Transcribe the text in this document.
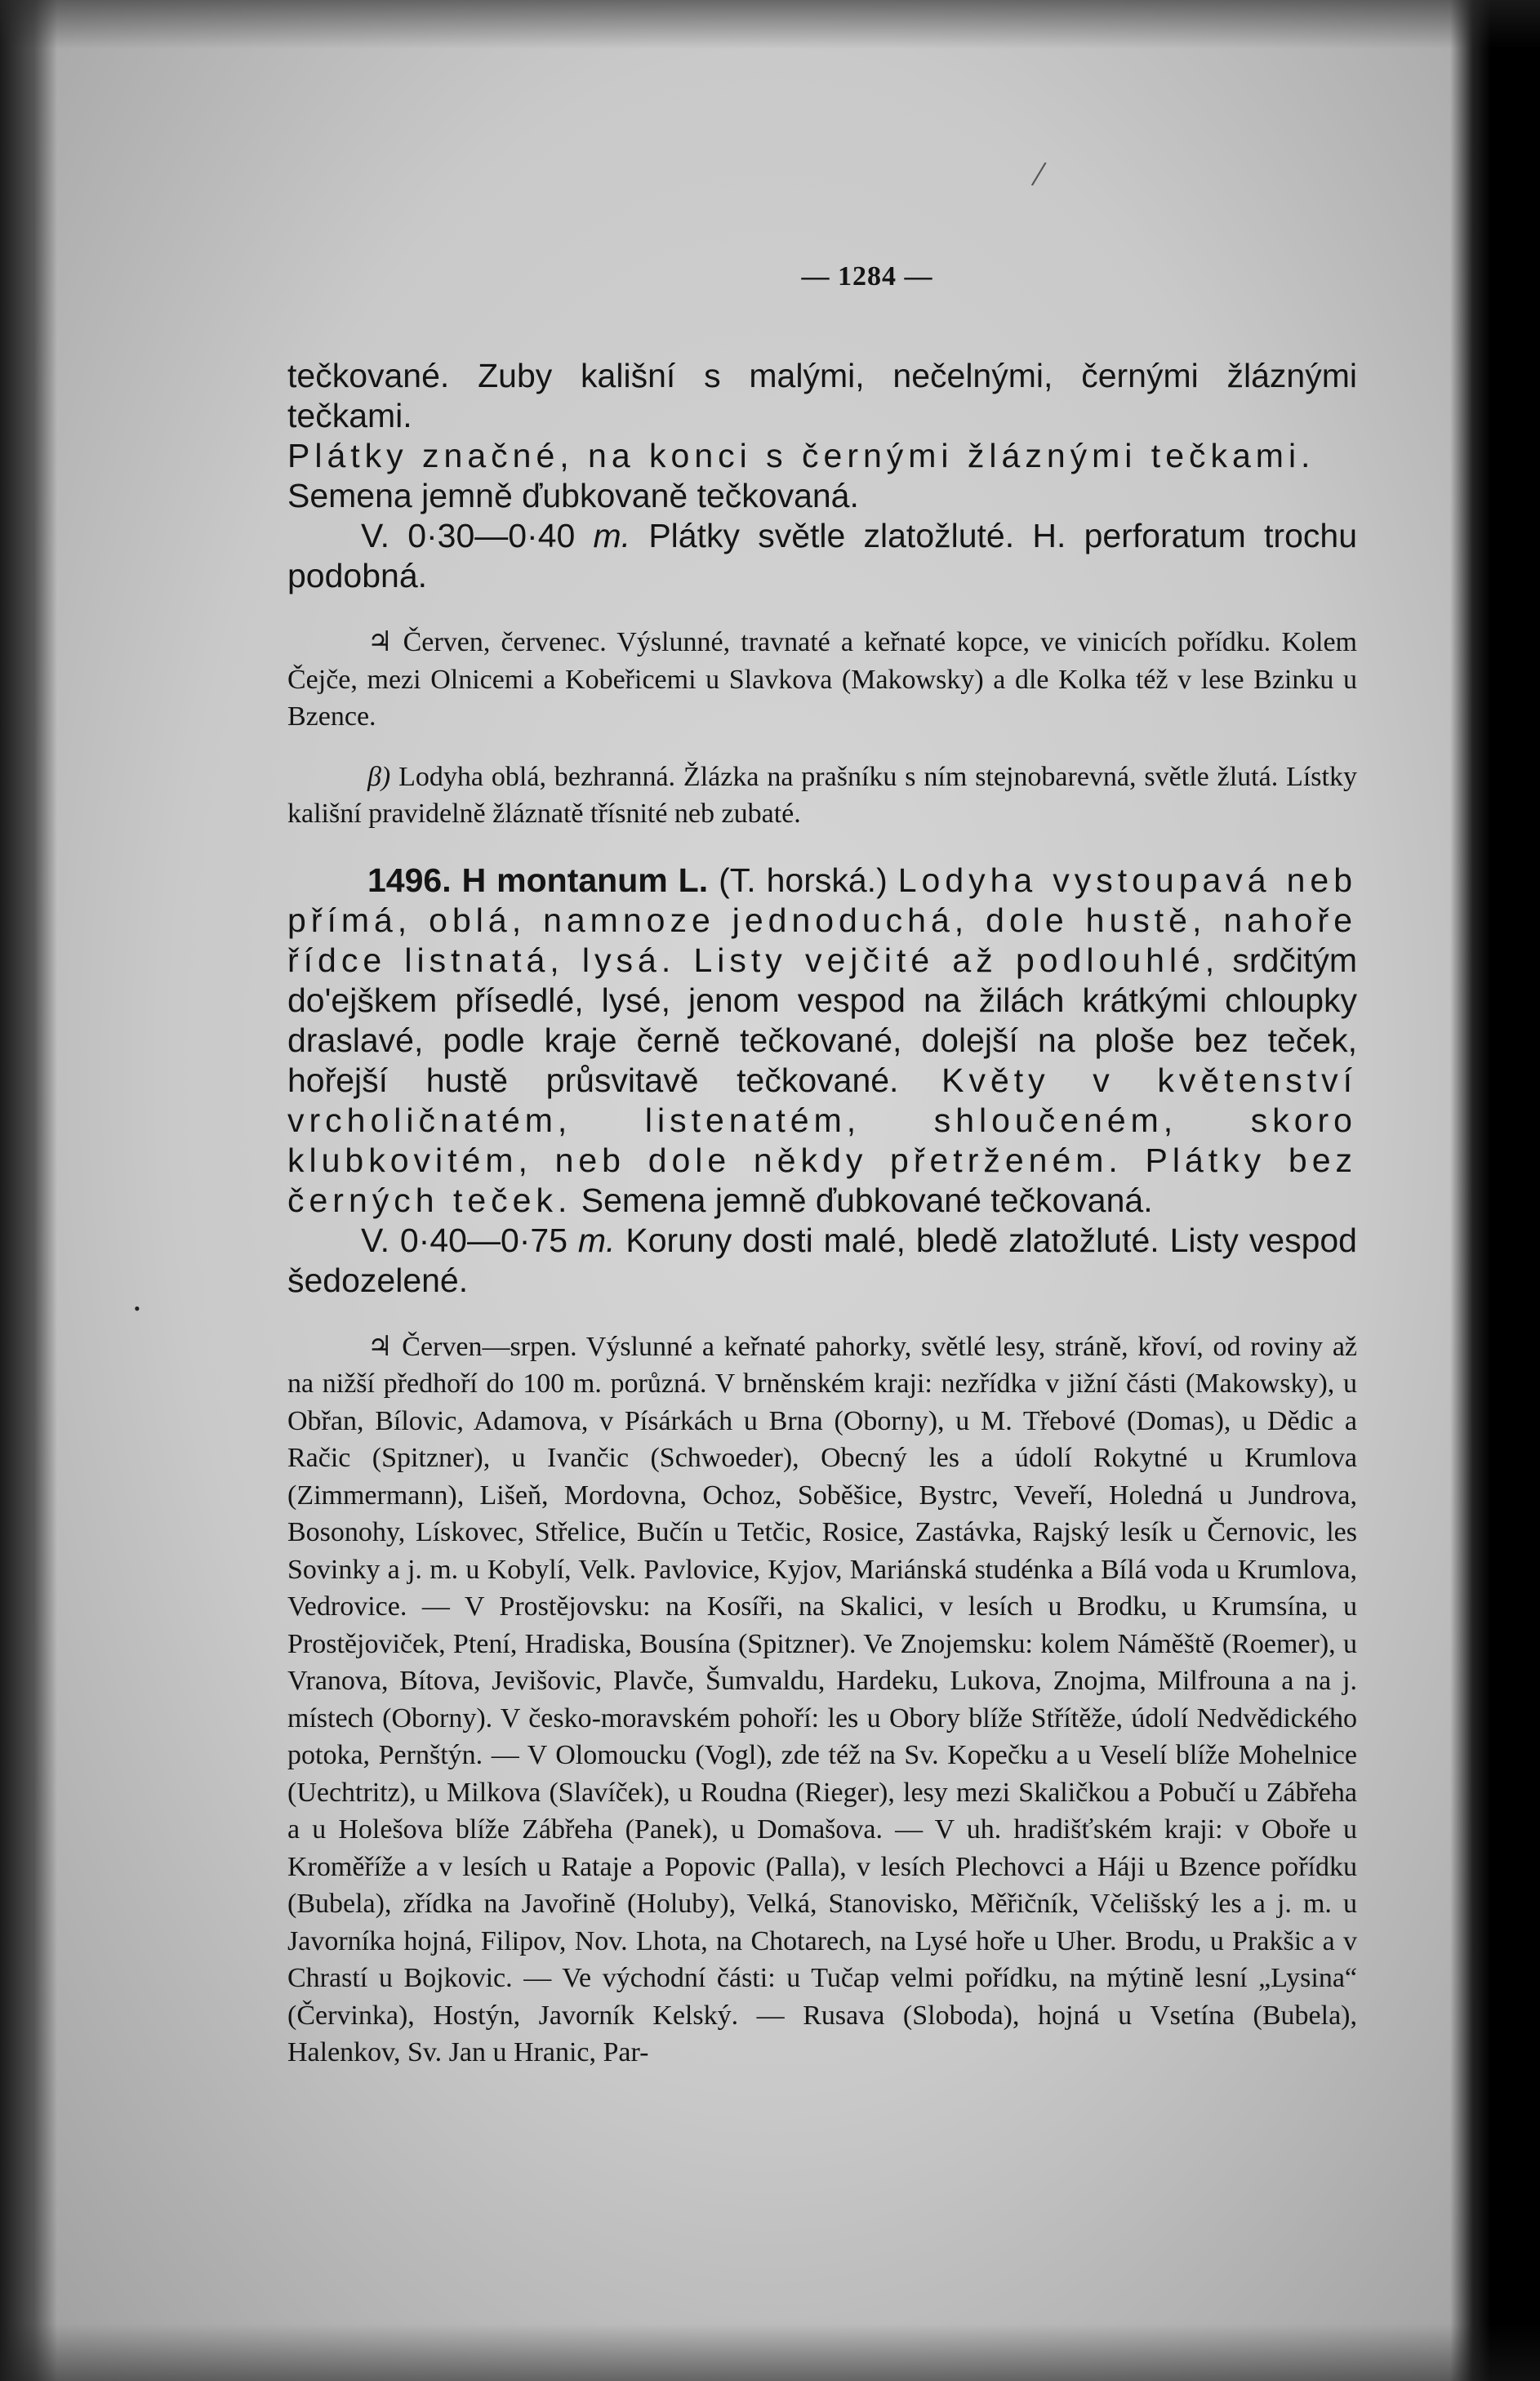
/
•
— 1284 —
tečkované. Zuby kališní s malými, nečelnými, černými žláznými tečkami.
Plátky značné, na konci s černými žláznými tečkami.
Semena jemně ďubkovaně tečkovaná.
V. 0·30—0·40 m. Plátky světle zlatožluté. H. perforatum trochu podobná.
♃ Červen, červenec. Výslunné, travnaté a keřnaté kopce, ve vinicích pořídku. Kolem Čejče, mezi Olnicemi a Kobeřicemi u Slavkova (Makowsky) a dle Kolka též v lese Bzinku u Bzence.
β) Lodyha oblá, bezhranná. Žlázka na prašníku s ním stejnobarevná, světle žlutá. Lístky kališní pravidelně žláznatě třísnité neb zubaté.
1496. H montanum L. (T. horská.) Lodyha vystoupavá neb přímá, oblá, namnoze jednoduchá, dole hustě, nahoře řídce listnatá, lysá. Listy vejčité až podlouhlé, srdčitým do'ejškem přísedlé, lysé, jenom vespod na žilách krátkými chloupky draslavé, podle kraje černě tečkované, dolejší na ploše bez teček, hořejší hustě průsvitavě tečkované. Květy v květenství vrcholičnatém, listenatém, shloučeném, skoro klubkovitém, neb dole někdy přetrženém. Plátky bez černých teček. Semena jemně ďubkované tečkovaná.
V. 0·40—0·75 m. Koruny dosti malé, bledě zlatožluté. Listy vespod šedozelené.
♃ Červen—srpen. Výslunné a keřnaté pahorky, světlé lesy, stráně, křoví, od roviny až na nižší předhoří do 100 m. porůzná. V brněnském kraji: nezřídka v jižní části (Makowsky), u Obřan, Bílovic, Adamova, v Písárkách u Brna (Oborny), u M. Třebové (Domas), u Dědic a Račic (Spitzner), u Ivančic (Schwoeder), Obecný les a údolí Rokytné u Krumlova (Zimmermann), Lišeň, Mordovna, Ochoz, Soběšice, Bystrc, Veveří, Holedná u Jundrova, Bosonohy, Lískovec, Střelice, Bučín u Tetčic, Rosice, Zastávka, Rajský lesík u Černovic, les Sovinky a j. m. u Kobylí, Velk. Pavlovice, Kyjov, Mariánská studénka a Bílá voda u Krumlova, Vedrovice. — V Prostějovsku: na Kosíři, na Skalici, v lesích u Brodku, u Krumsína, u Prostějoviček, Ptení, Hradiska, Bousína (Spitzner). Ve Znojemsku: kolem Náměště (Roemer), u Vranova, Bítova, Jevišovic, Plavče, Šumvaldu, Hardeku, Lukova, Znojma, Milfrouna a na j. místech (Oborny). V česko-moravském pohoří: les u Obory blíže Střítěže, údolí Nedvědického potoka, Pernštýn. — V Olomoucku (Vogl), zde též na Sv. Kopečku a u Veselí blíže Mohelnice (Uechtritz), u Milkova (Slavíček), u Roudna (Rieger), lesy mezi Skaličkou a Pobučí u Zábřeha a u Holešova blíže Zábřeha (Panek), u Domašova. — V uh. hradišťském kraji: v Oboře u Kroměříže a v lesích u Rataje a Popovic (Palla), v lesích Plechovci a Háji u Bzence pořídku (Bubela), zřídka na Javořině (Holuby), Velká, Stanovisko, Měřičník, Včelišský les a j. m. u Javorníka hojná, Filipov, Nov. Lhota, na Chotarech, na Lysé hoře u Uher. Brodu, u Prakšic a v Chrastí u Bojkovic. — Ve východní části: u Tučap velmi pořídku, na mýtině lesní „Lysina“ (Červinka), Hostýn, Javorník Kelský. — Rusava (Sloboda), hojná u Vsetína (Bubela), Halenkov, Sv. Jan u Hranic, Par-
